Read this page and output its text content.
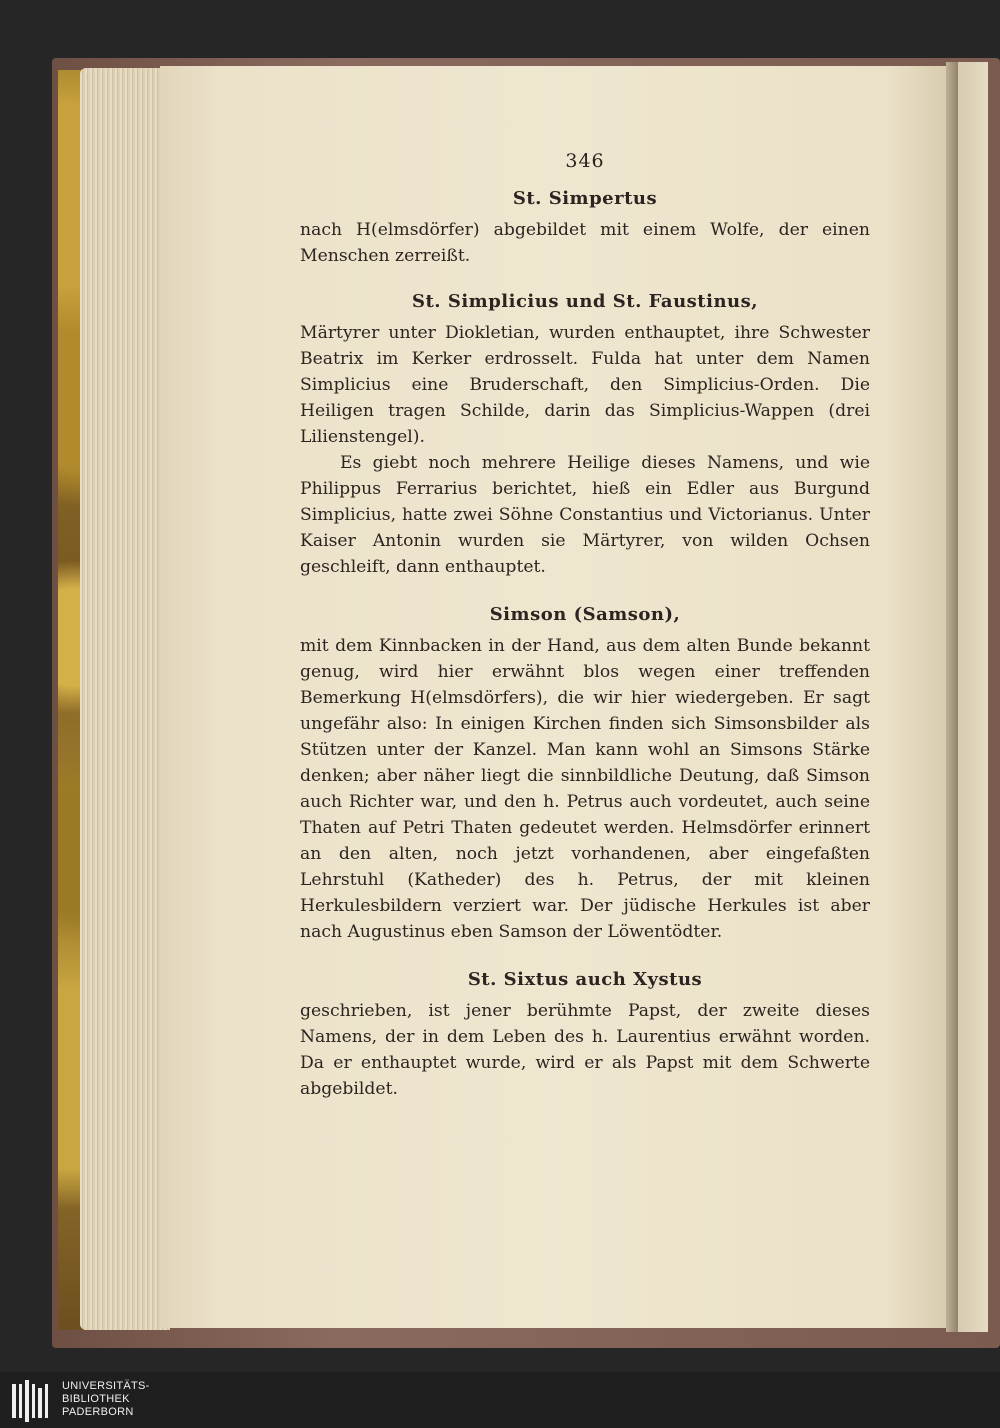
346
St. Simpertus

nach H(elmsdörfer) abgebildet mit einem Wolfe, der einen Menschen zerreißt.

St. Simplicius und St. Faustinus,

Märtyrer unter Diokletian, wurden enthauptet, ihre Schwester Beatrix im Kerker erdrosselt. Fulda hat unter dem Namen Simplicius eine Bruderschaft, den Simplicius-Orden. Die Heiligen tragen Schilde, darin das Simplicius-Wappen (drei Lilienstengel).

Es giebt noch mehrere Heilige dieses Namens, und wie Philippus Ferrarius berichtet, hieß ein Edler aus Burgund Simplicius, hatte zwei Söhne Constantius und Victorianus. Unter Kaiser Antonin wurden sie Märtyrer, von wilden Ochsen geschleift, dann enthauptet.

Simson (Samson),

mit dem Kinnbacken in der Hand, aus dem alten Bunde bekannt genug, wird hier erwähnt blos wegen einer treffenden Bemerkung H(elmsdörfers), die wir hier wiedergeben. Er sagt ungefähr also: In einigen Kirchen finden sich Simsonsbilder als Stützen unter der Kanzel. Man kann wohl an Simsons Stärke denken; aber näher liegt die sinnbildliche Deutung, daß Simson auch Richter war, und den h. Petrus auch vordeutet, auch seine Thaten auf Petri Thaten gedeutet werden. Helmsdörfer erinnert an den alten, noch jetzt vorhandenen, aber eingefaßten Lehrstuhl (Katheder) des h. Petrus, der mit kleinen Herkulesbildern verziert war. Der jüdische Herkules ist aber nach Augustinus eben Samson der Löwentödter.

St. Sixtus auch Xystus

geschrieben, ist jener berühmte Papst, der zweite dieses Namens, der in dem Leben des h. Laurentius erwähnt worden. Da er enthauptet wurde, wird er als Papst mit dem Schwerte abgebildet.

UNIVERSITÄTS-
BIBLIOTHEK
PADERBORN
